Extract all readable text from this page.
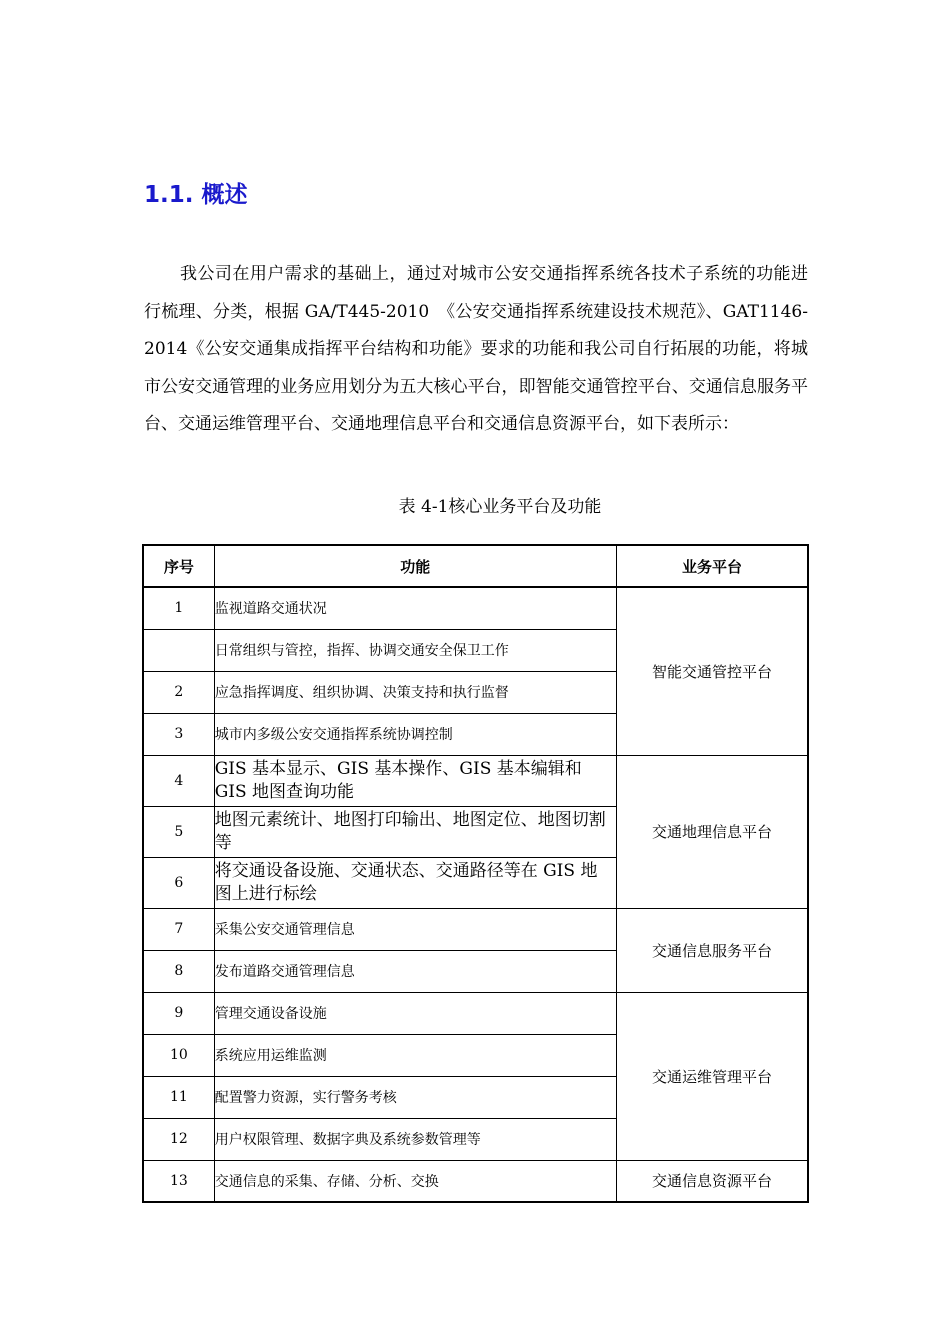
1.1. 概述

我公司在用户需求的基础上，通过对城市公安交通指挥系统各技术子系统的功能进行梳理、分类，根据 GA/T445-2010　《公安交通指挥系统建设技术规范》、GAT1146-2014《公安交通集成指挥平台结构和功能》要求的功能和我公司自行拓展的功能，将城市公安交通管理的业务应用划分为五大核心平台，即智能交通管控平台、交通信息服务平台、交通运维管理平台、交通地理信息平台和交通信息资源平台，如下表所示：

表 4-1核心业务平台及功能

序号	功能	业务平台
1	监视道路交通状况	智能交通管控平台
	日常组织与管控，指挥、协调交通安全保卫工作	
2	应急指挥调度、组织协调、决策支持和执行监督	
3	城市内多级公安交通指挥系统协调控制	
4	GIS 基本显示、GIS 基本操作、GIS 基本编辑和 GIS 地图查询功能	交通地理信息平台
5	地图元素统计、地图打印输出、地图定位、地图切割等	
6	将交通设备设施、交通状态、交通路径等在 GIS 地图上进行标绘	
7	采集公安交通管理信息	交通信息服务平台
8	发布道路交通管理信息	
9	管理交通设备设施	交通运维管理平台
10	系统应用运维监测	
11	配置警力资源，实行警务考核	
12	用户权限管理、数据字典及系统参数管理等	
13	交通信息的采集、存储、分析、交换	交通信息资源平台
